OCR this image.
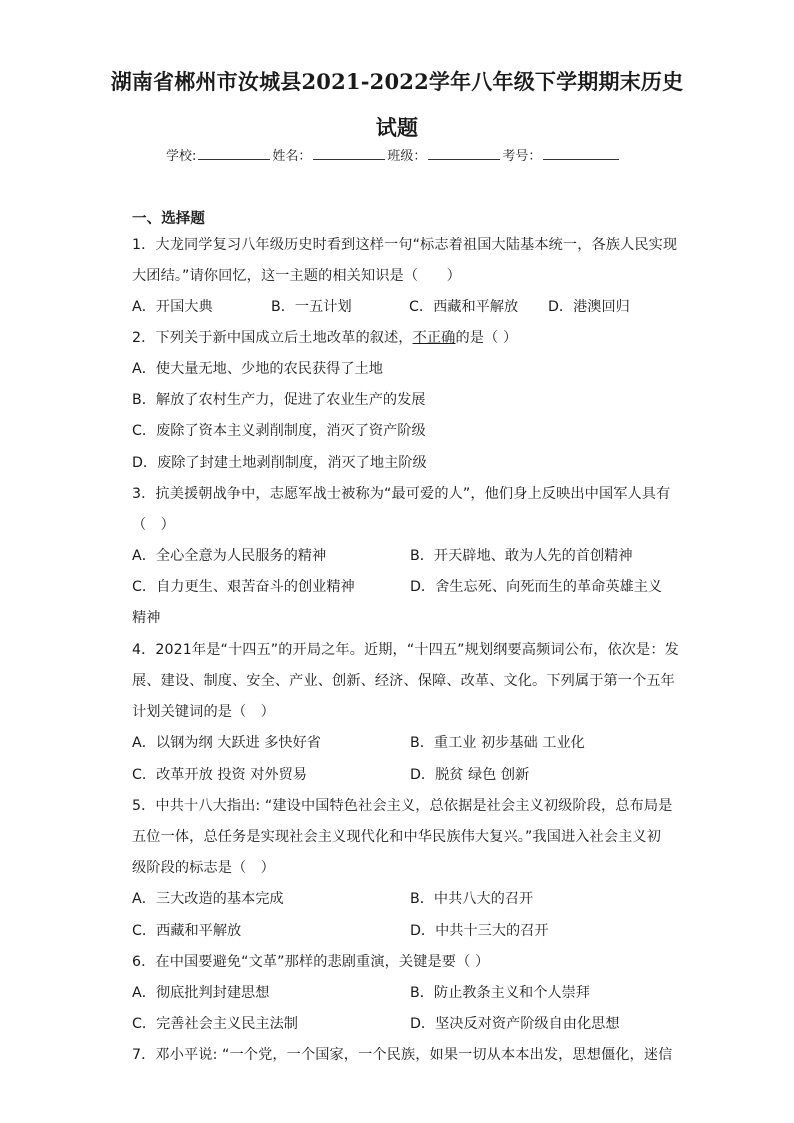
湖南省郴州市汝城县2021-2022学年八年级下学期期末历史
试题
学校:	姓名：	班级：	考号：
一、选择题
1．大龙同学复习八年级历史时看到这样一句“标志着祖国大陆基本统一，各族人民实现
大团结。”请你回忆，这一主题的相关知识是（　　）
A．开国大典	B．一五计划	C．西藏和平解放 D．港澳回归
2．下列关于新中国成立后土地改革的叙述，不正确的是（ ）
A．使大量无地、少地的农民获得了土地
B．解放了农村生产力，促进了农业生产的发展
C．废除了资本主义剥削制度，消灭了资产阶级
D．废除了封建土地剥削制度，消灭了地主阶级
3．抗美援朝战争中，志愿军战士被称为“最可爱的人”，他们身上反映出中国军人具有
（　）
A．全心全意为人民服务的精神	B．开天辟地、敢为人先的首创精神
C．自力更生、艰苦奋斗的创业精神	D．舍生忘死、向死而生的革命英雄主义
精神
4．2021年是“十四五”的开局之年。近期，“十四五”规划纲要高频词公布，依次是：发
展、建设、制度、安全、产业、创新、经济、保障、改革、文化。下列属于第一个五年
计划关键词的是（　）
A．以钢为纲 大跃进 多快好省	B．重工业 初步基础 工业化
C．改革开放 投资 对外贸易	D．脱贫 绿色 创新
5．中共十八大指出: “建设中国特色社会主义，总依据是社会主义初级阶段，总布局是
五位一体，总任务是实现社会主义现代化和中华民族伟大复兴。”我国进入社会主义初
级阶段的标志是（　）
A．三大改造的基本完成	B．中共八大的召开
C．西藏和平解放	D．中共十三大的召开
6．在中国要避免“文革”那样的悲剧重演，关键是要（ ）
A．彻底批判封建思想	B．防止教条主义和个人崇拜
C．完善社会主义民主法制	D．坚决反对资产阶级自由化思想
7．邓小平说: “一个党，一个国家，一个民族，如果一切从本本出发，思想僵化，迷信
